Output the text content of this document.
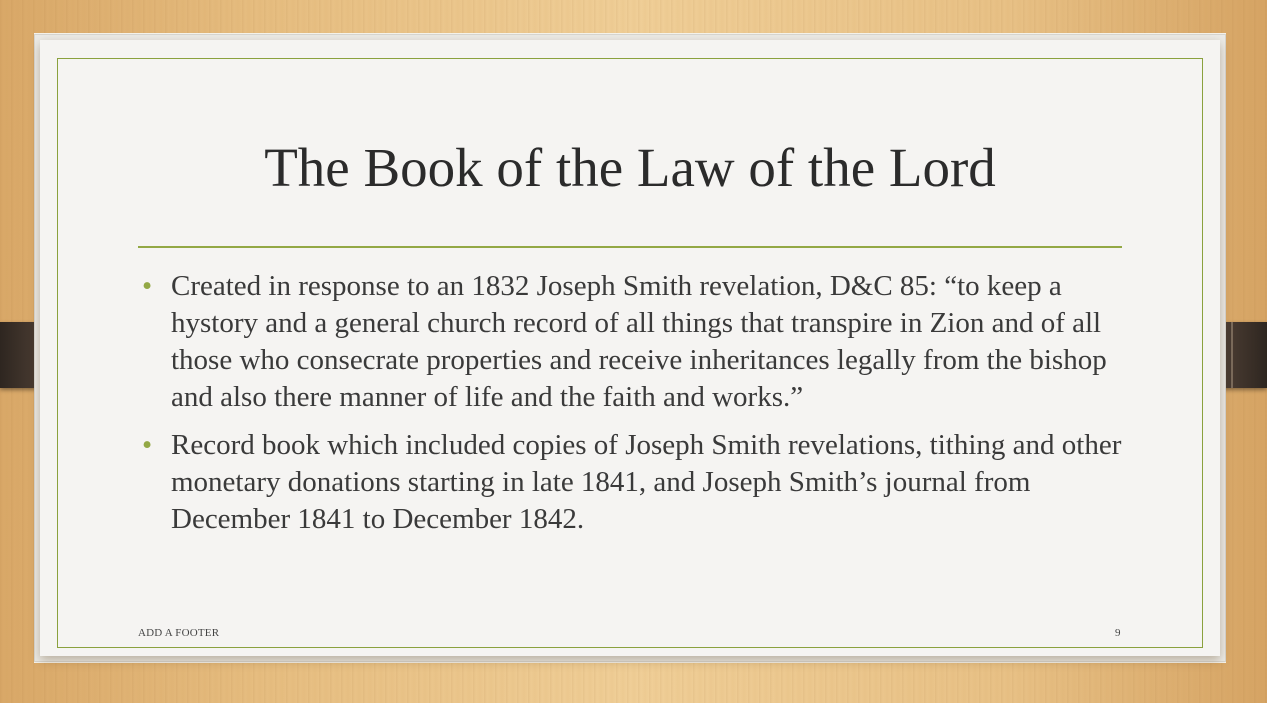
The Book of the Law of the Lord
• Created in response to an 1832 Joseph Smith revelation, D&C 85: “to keep a hystory and a general church record of all things that transpire in Zion and of all those who consecrate properties and receive inheritances legally from the bishop and also there manner of life and the faith and works.”
• Record book which included copies of Joseph Smith revelations, tithing and other monetary donations starting in late 1841, and Joseph Smith’s journal from December 1841 to December 1842.
ADD A FOOTER	9
